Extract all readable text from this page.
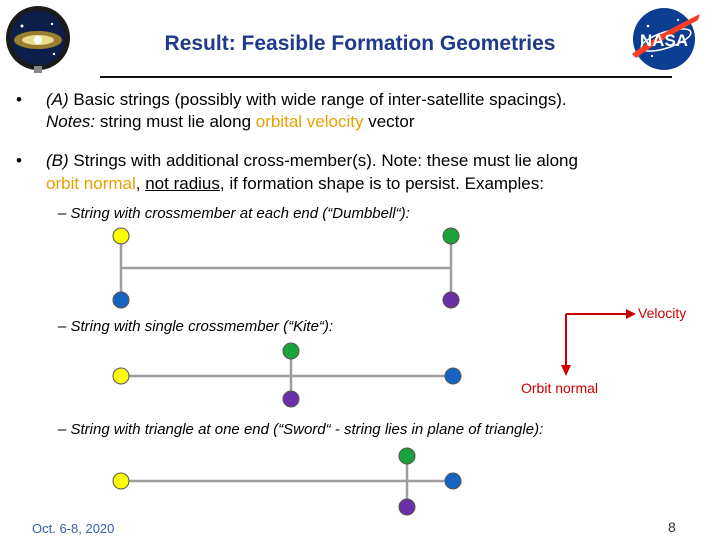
NASA
Result: Feasible Formation Geometries
• (A) Basic strings (possibly with wide range of inter-satellite spacings).
Notes: string must lie along orbital velocity vector
• (B) Strings with additional cross-member(s). Note: these must lie along
orbit normal, not radius, if formation shape is to persist. Examples:
– String with crossmember at each end (“Dumbbell“):
– String with single crossmember (“Kite“):
– String with triangle at one end (“Sword“ - string lies in plane of triangle):
Velocity
Orbit normal
Oct. 6-8, 2020	8
